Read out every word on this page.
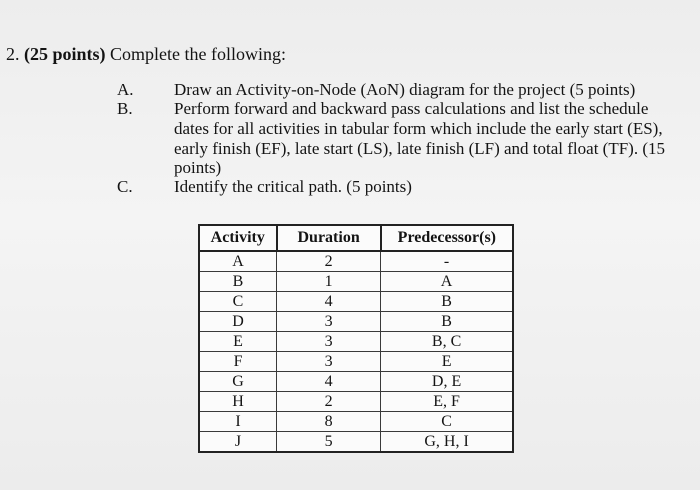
2. (25 points) Complete the following:
A. Draw an Activity-on-Node (AoN) diagram for the project (5 points)
B. Perform forward and backward pass calculations and list the schedule
dates for all activities in tabular form which include the early start (ES),
early finish (EF), late start (LS), late finish (LF) and total float (TF). (15
points)
C. Identify the critical path. (5 points)
Activity	Duration	Predecessor(s)
A	2	-
B	1	A
C	4	B
D	3	B
E	3	B, C
F	3	E
G	4	D, E
H	2	E, F
I	8	C
J	5	G, H, I
